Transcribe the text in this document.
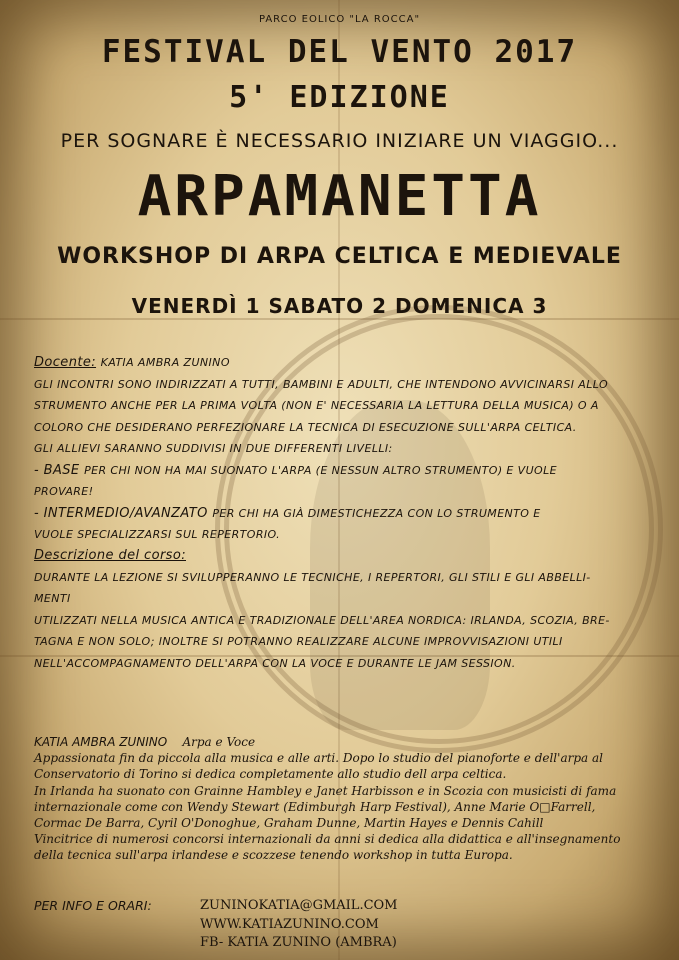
PARCO EOLICO "LA ROCCA"
FESTIVAL DEL VENTO 2017
5' EDIZIONE
PER SOGNARE È NECESSARIO INIZIARE UN VIAGGIO...
ARPAMANETTA
WORKSHOP DI ARPA CELTICA E MEDIEVALE
VENERDÌ 1 SABATO 2 DOMENICA 3
Docente: KATIA AMBRA ZUNINO
GLI INCONTRI SONO INDIRIZZATI A TUTTI, BAMBINI E ADULTI, CHE INTENDONO AVVICINARSI ALLO
STRUMENTO ANCHE PER LA PRIMA VOLTA (NON E' NECESSARIA LA LETTURA DELLA MUSICA) O A
COLORO CHE DESIDERANO PERFEZIONARE LA TECNICA DI ESECUZIONE SULL'ARPA CELTICA.
GLI ALLIEVI SARANNO SUDDIVISI IN DUE DIFFERENTI LIVELLI:
- BASE PER CHI NON HA MAI SUONATO L'ARPA (E NESSUN ALTRO STRUMENTO) E VUOLE
PROVARE!
- INTERMEDIO/AVANZATO PER CHI HA GIÀ DIMESTICHEZZA CON LO STRUMENTO E
VUOLE SPECIALIZZARSI SUL REPERTORIO.
Descrizione del corso:
DURANTE LA LEZIONE SI SVILUPPERANNO LE TECNICHE, I REPERTORI, GLI STILI E GLI ABBELLI-
MENTI
UTILIZZATI NELLA MUSICA ANTICA E TRADIZIONALE DELL'AREA NORDICA: IRLANDA, SCOZIA, BRE-
TAGNA E NON SOLO; INOLTRE SI POTRANNO REALIZZARE ALCUNE IMPROVVISAZIONI UTILI
NELL'ACCOMPAGNAMENTO DELL'ARPA CON LA VOCE E DURANTE LE JAM SESSION.
KATIA AMBRA ZUNINO Arpa e Voce
Appassionata fin da piccola alla musica e alle arti. Dopo lo studio del pianoforte e dell'arpa al
Conservatorio di Torino si dedica completamente allo studio dell arpa celtica.
In Irlanda ha suonato con Grainne Hambley e Janet Harbisson e in Scozia con musicisti di fama
internazionale come con Wendy Stewart (Edimburgh Harp Festival), Anne Marie O□Farrell,
Cormac De Barra, Cyril O'Donoghue, Graham Dunne, Martin Hayes e Dennis Cahill
Vincitrice di numerosi concorsi internazionali da anni si dedica alla didattica e all'insegnamento
della tecnica sull'arpa irlandese e scozzese tenendo workshop in tutta Europa.
PER INFO E ORARI:	ZUNINOKATIA@GMAIL.COM
WWW.KATIAZUNINO.COM
FB- KATIA ZUNINO (AMBRA)
